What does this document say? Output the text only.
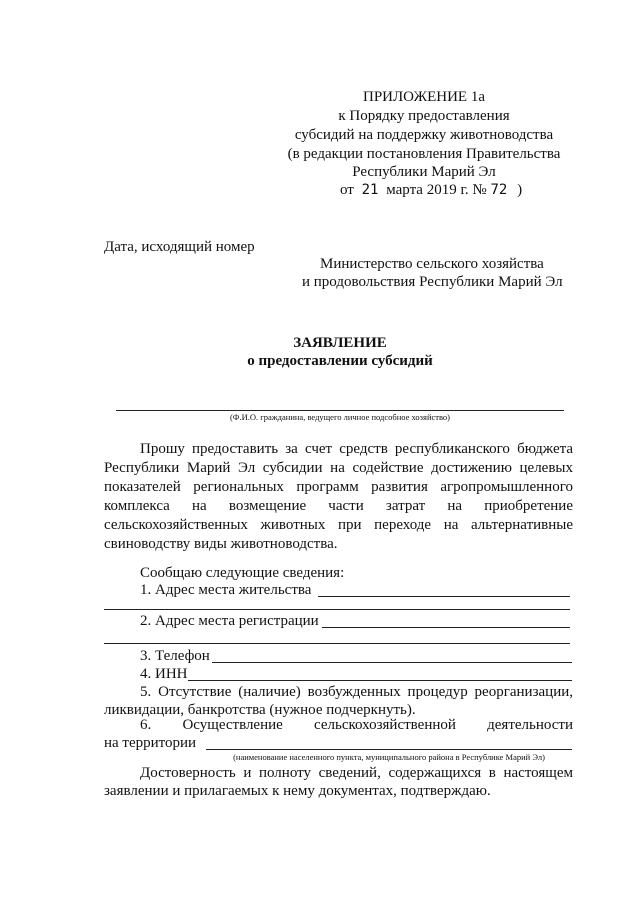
ПРИЛОЖЕНИЕ 1а
к Порядку предоставления
субсидий на поддержку животноводства
(в редакции постановления Правительства
Республики Марий Эл
от 21 марта 2019 г. № 72 )
Дата, исходящий номер
Министерство сельского хозяйства
и продовольствия Республики Марий Эл
ЗАЯВЛЕНИЕ
о предоставлении субсидий
(Ф.И.О. гражданина, ведущего личное подсобное хозяйство)
Прошу предоставить за счет средств республиканского бюджета
Республики Марий Эл субсидии на содействие достижению целевых
показателей региональных программ развития агропромышленного
комплекса на возмещение части затрат на приобретение
сельскохозяйственных животных при переходе на альтернативные
свиноводству виды животноводства.
Сообщаю следующие сведения:
1. Адрес места жительства
2. Адрес места регистрации
3. Телефон
4. ИНН
5. Отсутствие (наличие) возбужденных процедур реорганизации,
ликвидации, банкротства (нужное подчеркнуть).
6. Осуществление сельскохозяйственной деятельности
на территории
(наименование населенного пункта, муниципального района в Республике Марий Эл)
Достоверность и полноту сведений, содержащихся в настоящем
заявлении и прилагаемых к нему документах, подтверждаю.
